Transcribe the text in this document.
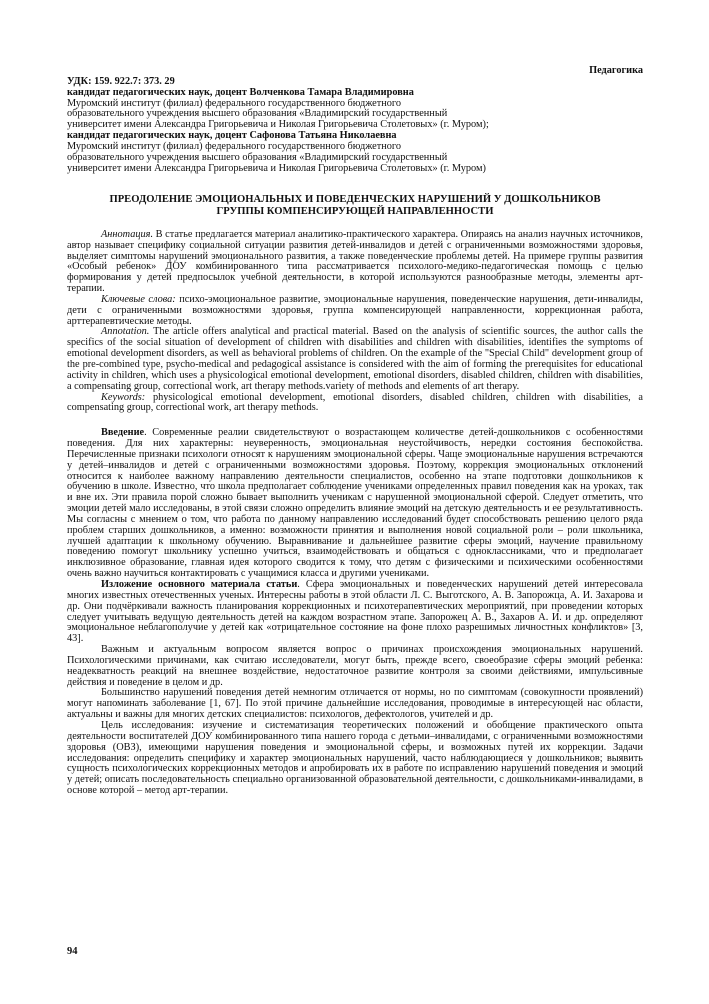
Педагогика
УДК: 159. 922.7: 373. 29
кандидат педагогических наук, доцент Волченкова Тамара Владимировна
Муромский институт (филиал) федерального государственного бюджетного
образовательного учреждения высшего образования «Владимирский государственный
университет имени Александра Григорьевича и Николая Григорьевича Столетовых» (г. Муром);
кандидат педагогических наук, доцент Сафонова Татьяна Николаевна
Муромский институт (филиал) федерального государственного бюджетного
образовательного учреждения высшего образования «Владимирский государственный
университет имени Александра Григорьевича и Николая Григорьевича Столетовых» (г. Муром)
ПРЕОДОЛЕНИЕ ЭМОЦИОНАЛЬНЫХ И ПОВЕДЕНЧЕСКИХ НАРУШЕНИЙ У ДОШКОЛЬНИКОВ
ГРУППЫ КОМПЕНСИРУЮЩЕЙ НАПРАВЛЕННОСТИ

Аннотация. В статье предлагается материал аналитико-практического характера. Опираясь на анализ научных источников, автор называет специфику социальной ситуации развития детей-инвалидов и детей с ограниченными возможностями здоровья, выделяет симптомы нарушений эмоционального развития, а также поведенческие проблемы детей. На примере группы развития «Особый ребенок» ДОУ комбинированного типа рассматривается психолого-медико-педагогическая помощь с целью формирования у детей предпосылок учебной деятельности, в которой используются разнообразные методы, элементы арт-терапии.

Ключевые слова: психо-эмоциональное развитие, эмоциональные нарушения, поведенческие нарушения, дети-инвалиды, дети с ограниченными возможностями здоровья, группа компенсирующей направленности, коррекционная работа, арттерапевтические методы.

Annotation. The article offers analytical and practical material. Based on the analysis of scientific sources, the author calls the specifics of the social situation of development of children with disabilities and children with disabilities, identifies the symptoms of emotional development disorders, as well as behavioral problems of children. On the example of the "Special Child" development group of the pre-combined type, psycho-medical and pedagogical assistance is considered with the aim of forming the prerequisites for educational activity in children, which uses a physicological emotional development, emotional disorders, disabled children, children with disabilities, a compensating group, correctional work, art therapy methods.variety of methods and elements of art therapy.

Keywords: physicological emotional development, emotional disorders, disabled children, children with disabilities, a compensating group, correctional work, art therapy methods.

Введение. Современные реалии свидетельствуют о возрастающем количестве детей-дошкольников с особенностями поведения. Для них характерны: неуверенность, эмоциональная неустойчивость, нередки состояния беспокойства. Перечисленные признаки психологи относят к нарушениям эмоциональной сферы. Чаще эмоциональные нарушения встречаются у детей–инвалидов и детей с ограниченными возможностями здоровья. Поэтому, коррекция эмоциональных отклонений относится к наиболее важному направлению деятельности специалистов, особенно на этапе подготовки дошкольников к обучению в школе. Известно, что школа предполагает соблюдение учениками определенных правил поведения как на уроках, так и вне их. Эти правила порой сложно бывает выполнить ученикам с нарушенной эмоциональной сферой. Следует отметить, что эмоции детей мало исследованы, в этой связи сложно определить влияние эмоций на детскую деятельность и ее результативность. Мы согласны с мнением о том, что работа по данному направлению исследований будет способствовать решению целого ряда проблем старших дошкольников, а именно: возможности принятия и выполнения новой социальной роли – роли школьника, лучшей адаптации к школьному обучению. Выравнивание и дальнейшее развитие сферы эмоций, научение правильному поведению помогут школьнику успешно учиться, взаимодействовать и общаться с одноклассниками, что и предполагает инклюзивное образование, главная идея которого сводится к тому, что детям с физическими и психическими особенностями очень важно научиться контактировать с учащимися класса и другими учениками.

Изложение основного материала статьи. Сфера эмоциональных и поведенческих нарушений детей интересовала многих известных отечественных ученых. Интересны работы в этой области Л. С. Выготского, А. В. Запорожца, А. И. Захарова и др. Они подчёркивали важность планирования коррекционных и психотерапевтических мероприятий, при проведении которых следует учитывать ведущую деятельность детей на каждом возрастном этапе. Запорожец А. В., Захаров А. И. и др. определяют эмоциональное неблагополучие у детей как «отрицательное состояние на фоне плохо разрешимых личностных конфликтов» [3, 43].

Важным и актуальным вопросом является вопрос о причинах происхождения эмоциональных нарушений. Психологическими причинами, как считаю исследователи, могут быть, прежде всего, своеобразие сферы эмоций ребенка: неадекватность реакций на внешнее воздействие, недостаточное развитие контроля за своими действиями, импульсивные действия и поведение в целом и др.

Большинство нарушений поведения детей немногим отличается от нормы, но по симптомам (совокупности проявлений) могут напоминать заболевание [1, 67]. По этой причине дальнейшие исследования, проводимые в интересующей нас области, актуальны и важны для многих детских специалистов: психологов, дефектологов, учителей и др.

Цель исследования: изучение и систематизация теоретических положений и обобщение практического опыта деятельности воспитателей ДОУ комбинированного типа нашего города с детьми–инвалидами, с ограниченными возможностями здоровья (ОВЗ), имеющими нарушения поведения и эмоциональной сферы, и возможных путей их коррекции. Задачи исследования: определить специфику и характер эмоциональных нарушений, часто наблюдающиеся у дошкольников; выявить сущность психологических коррекционных методов и апробировать их в работе по исправлению нарушений поведения и эмоций у детей; описать последовательность специально организованной образовательной деятельности, с дошкольниками-инвалидами, в основе которой – метод арт-терапии.

94
